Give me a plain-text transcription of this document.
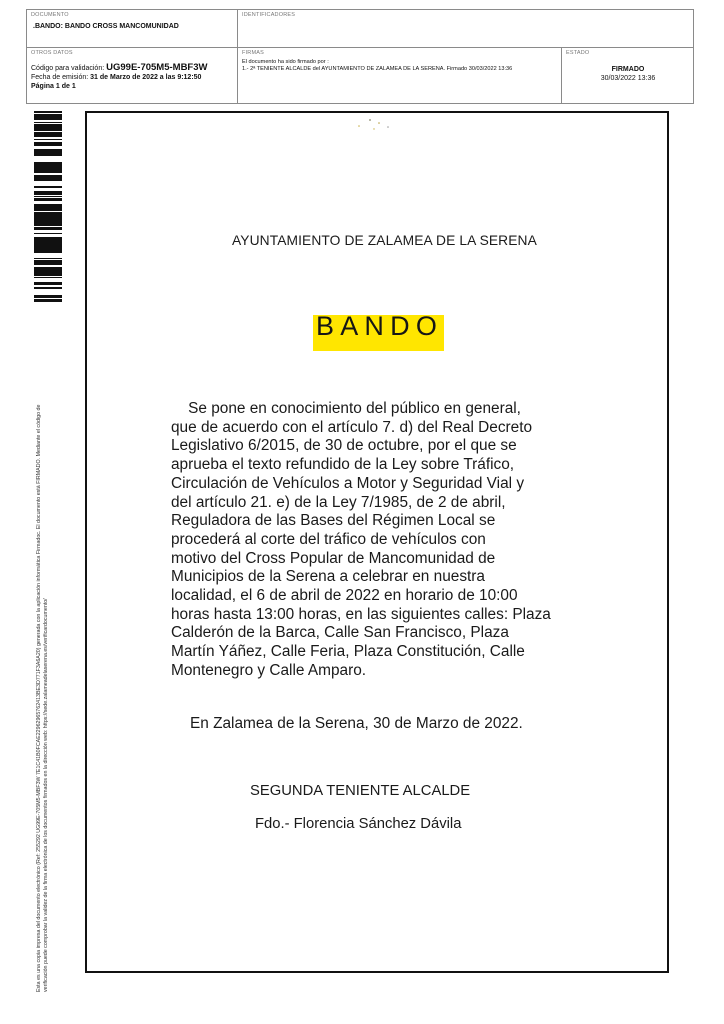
DOCUMENTO
.BANDO: BANDO CROSS MANCOMUNIDAD
IDENTIFICADORES
OTROS DATOS
Código para validación: UG99E-705M5-MBF3W
Fecha de emisión: 31 de Marzo de 2022 a las 9:12:50
Página 1 de 1
FIRMAS
El documento ha sido firmado por :
1.- 2ª TENIENTE ALCALDE del AYUNTAMIENTO DE ZALAMEA DE LA SERENA. Firmado 30/03/2022 13:36
ESTADO
FIRMADO
30/03/2022 13:36
Esta es una copia impresa del documento electrónico (Ref: 255292 UG99E-705M5-MBF3W 7E1C41B0FCAE22962965762413BE3D771F3A6A20) generada con la aplicación informática Firmadoc. El documento está FIRMADO. Mediante el código de verificación puede comprobar la validez de la firma electrónica de los documentos firmados en la dirección web: https://sede.zalameadelaserena.es/verificardocumento/
AYUNTAMIENTO DE ZALAMEA DE LA SERENA
BANDO
Se pone en conocimiento del público en general,
que de acuerdo con el artículo 7. d) del Real Decreto
Legislativo 6/2015, de 30 de octubre, por el que se
aprueba el texto refundido de la Ley sobre Tráfico,
Circulación de Vehículos a Motor y Seguridad Vial y
del artículo 21. e) de la Ley 7/1985, de 2 de abril,
Reguladora de las Bases del Régimen Local se
procederá al corte del tráfico de vehículos con
motivo del Cross Popular de Mancomunidad de
Municipios de la Serena a celebrar en nuestra
localidad, el 6 de abril de 2022 en horario de 10:00
horas hasta 13:00 horas, en las siguientes calles: Plaza
Calderón de la Barca, Calle San Francisco, Plaza
Martín Yáñez, Calle Feria, Plaza Constitución, Calle
Montenegro y Calle Amparo.
En Zalamea de la Serena, 30 de Marzo de 2022.
SEGUNDA TENIENTE ALCALDE
Fdo.- Florencia Sánchez Dávila
